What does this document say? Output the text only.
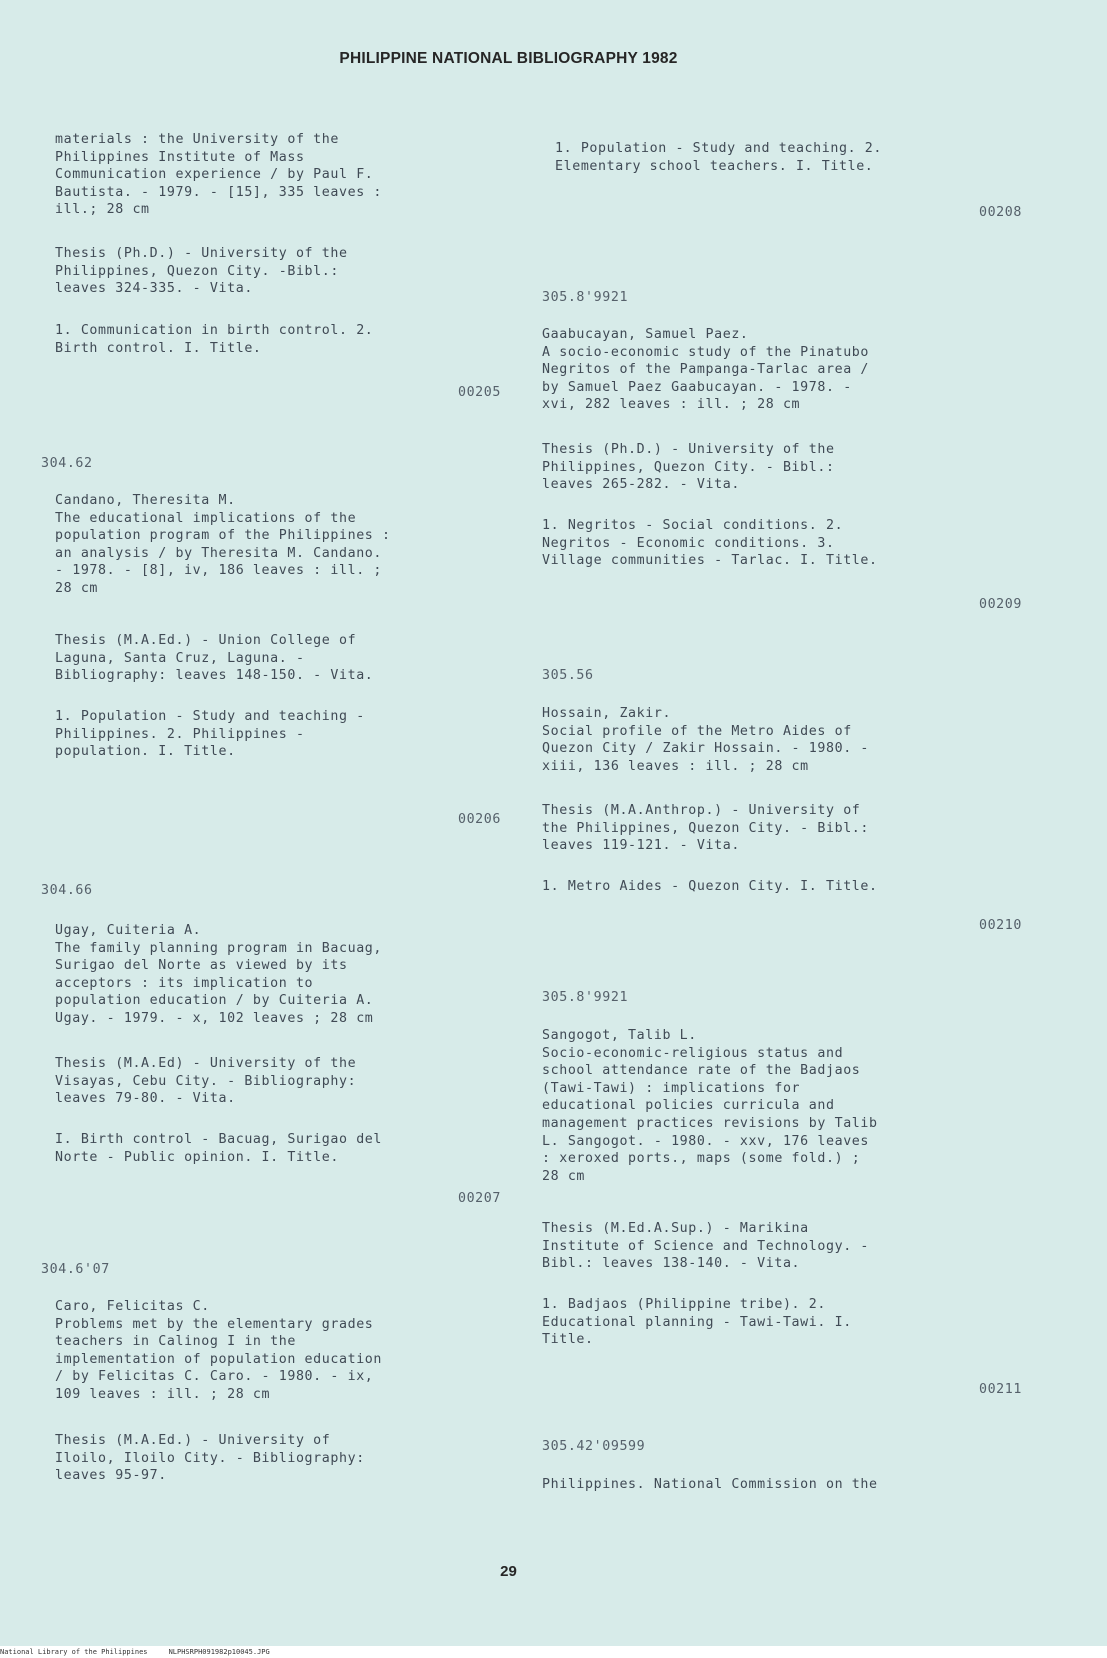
PHILIPPINE NATIONAL BIBLIOGRAPHY 1982
materials : the University of the
Philippines Institute of Mass
Communication experience / by Paul F.
Bautista. - 1979. - [15], 335 leaves :
ill.; 28 cm
Thesis (Ph.D.) - University of the
Philippines, Quezon City. -Bibl.:
leaves 324-335. - Vita.
1. Communication in birth control. 2.
Birth control. I. Title.
00205
304.62
Candano, Theresita M.
The educational implications of the
population program of the Philippines :
an analysis / by Theresita M. Candano.
- 1978. - [8], iv, 186 leaves : ill. ;
28 cm
Thesis (M.A.Ed.) - Union College of
Laguna, Santa Cruz, Laguna. -
Bibliography: leaves 148-150. - Vita.
1. Population - Study and teaching -
Philippines. 2. Philippines -
population. I. Title.
00206
304.66
Ugay, Cuiteria A.
The family planning program in Bacuag,
Surigao del Norte as viewed by its
acceptors : its implication to
population education / by Cuiteria A.
Ugay. - 1979. - x, 102 leaves ; 28 cm
Thesis (M.A.Ed) - University of the
Visayas, Cebu City. - Bibliography:
leaves 79-80. - Vita.
I. Birth control - Bacuag, Surigao del
Norte - Public opinion. I. Title.
00207
304.6'07
Caro, Felicitas C.
Problems met by the elementary grades
teachers in Calinog I in the
implementation of population education
/ by Felicitas C. Caro. - 1980. - ix,
109 leaves : ill. ; 28 cm
Thesis (M.A.Ed.) - University of
Iloilo, Iloilo City. - Bibliography:
leaves 95-97.
1. Population - Study and teaching. 2.
Elementary school teachers. I. Title.
00208
305.8'9921
Gaabucayan, Samuel Paez.
A socio-economic study of the Pinatubo
Negritos of the Pampanga-Tarlac area /
by Samuel Paez Gaabucayan. - 1978. -
xvi, 282 leaves : ill. ; 28 cm
Thesis (Ph.D.) - University of the
Philippines, Quezon City. - Bibl.:
leaves 265-282. - Vita.
1. Negritos - Social conditions. 2.
Negritos - Economic conditions. 3.
Village communities - Tarlac. I. Title.
00209
305.56
Hossain, Zakir.
Social profile of the Metro Aides of
Quezon City / Zakir Hossain. - 1980. -
xiii, 136 leaves : ill. ; 28 cm
Thesis (M.A.Anthrop.) - University of
the Philippines, Quezon City. - Bibl.:
leaves 119-121. - Vita.
1. Metro Aides - Quezon City. I. Title.
00210
305.8'9921
Sangogot, Talib L.
Socio-economic-religious status and
school attendance rate of the Badjaos
(Tawi-Tawi) : implications for
educational policies curricula and
management practices revisions by Talib
L. Sangogot. - 1980. - xxv, 176 leaves
: xeroxed ports., maps (some fold.) ;
28 cm
Thesis (M.Ed.A.Sup.) - Marikina
Institute of Science and Technology. -
Bibl.: leaves 138-140. - Vita.
1. Badjaos (Philippine tribe). 2.
Educational planning - Tawi-Tawi. I.
Title.
00211
305.42'09599
Philippines. National Commission on the
29
National Library of the Philippines     NLPHSRPH091982p10045.JPG
